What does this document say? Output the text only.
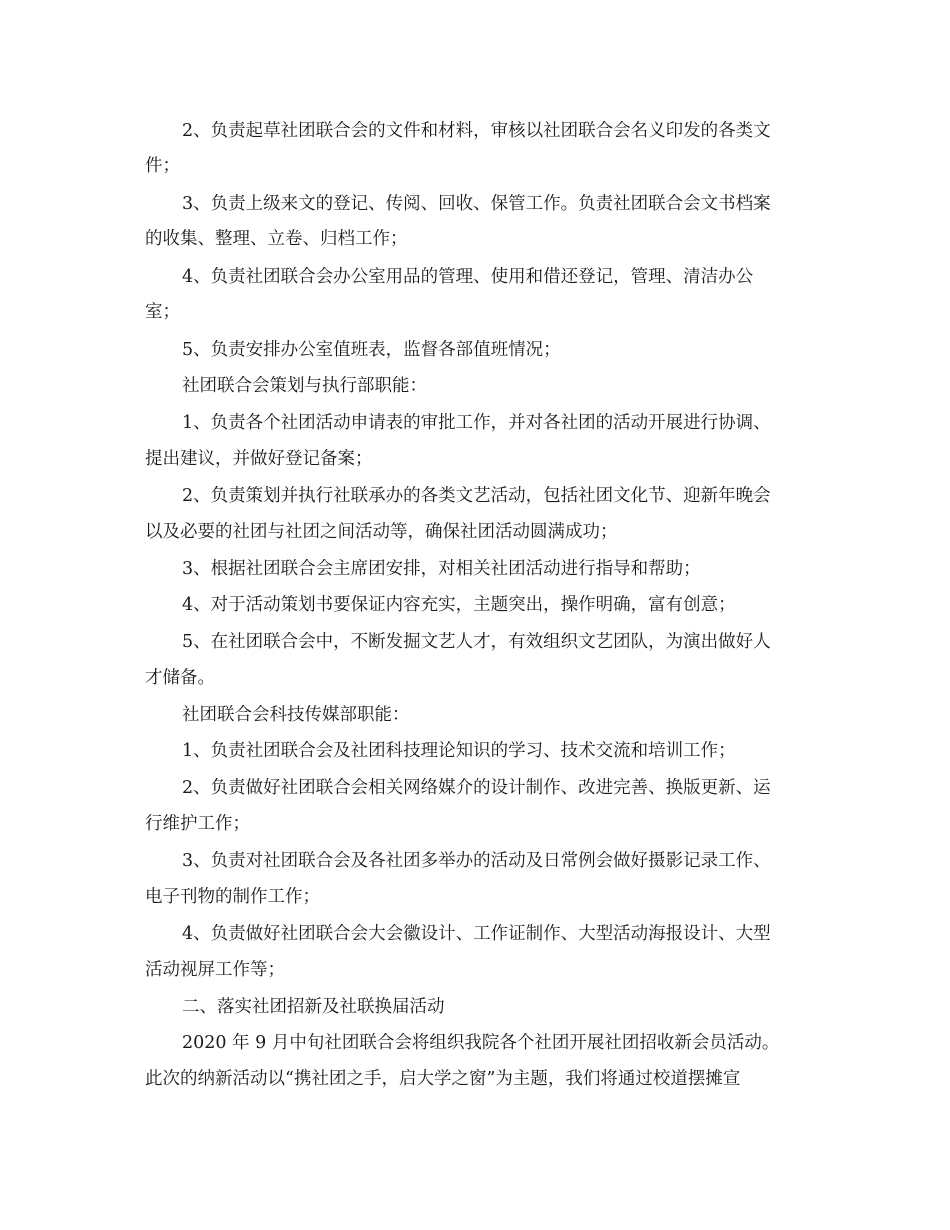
2、负责起草社团联合会的文件和材料，审核以社团联合会名义印发的各类文
件；
3、负责上级来文的登记、传阅、回收、保管工作。负责社团联合会文书档案
的收集、整理、立卷、归档工作；
4、负责社团联合会办公室用品的管理、使用和借还登记，管理、清洁办公
室；
5、负责安排办公室值班表，监督各部值班情况；
社团联合会策划与执行部职能：
1、负责各个社团活动申请表的审批工作，并对各社团的活动开展进行协调、
提出建议，并做好登记备案；
2、负责策划并执行社联承办的各类文艺活动，包括社团文化节、迎新年晚会
以及必要的社团与社团之间活动等，确保社团活动圆满成功；
3、根据社团联合会主席团安排，对相关社团活动进行指导和帮助；
4、对于活动策划书要保证内容充实，主题突出，操作明确，富有创意；
5、在社团联合会中，不断发掘文艺人才，有效组织文艺团队，为演出做好人
才储备。
社团联合会科技传媒部职能：
1、负责社团联合会及社团科技理论知识的学习、技术交流和培训工作；
2、负责做好社团联合会相关网络媒介的设计制作、改进完善、换版更新、运
行维护工作；
3、负责对社团联合会及各社团多举办的活动及日常例会做好摄影记录工作、
电子刊物的制作工作；
4、负责做好社团联合会大会徽设计、工作证制作、大型活动海报设计、大型
活动视屏工作等；
二、落实社团招新及社联换届活动
2020 年 9 月中旬社团联合会将组织我院各个社团开展社团招收新会员活动。
此次的纳新活动以“携社团之手，启大学之窗”为主题，我们将通过校道摆摊宣
